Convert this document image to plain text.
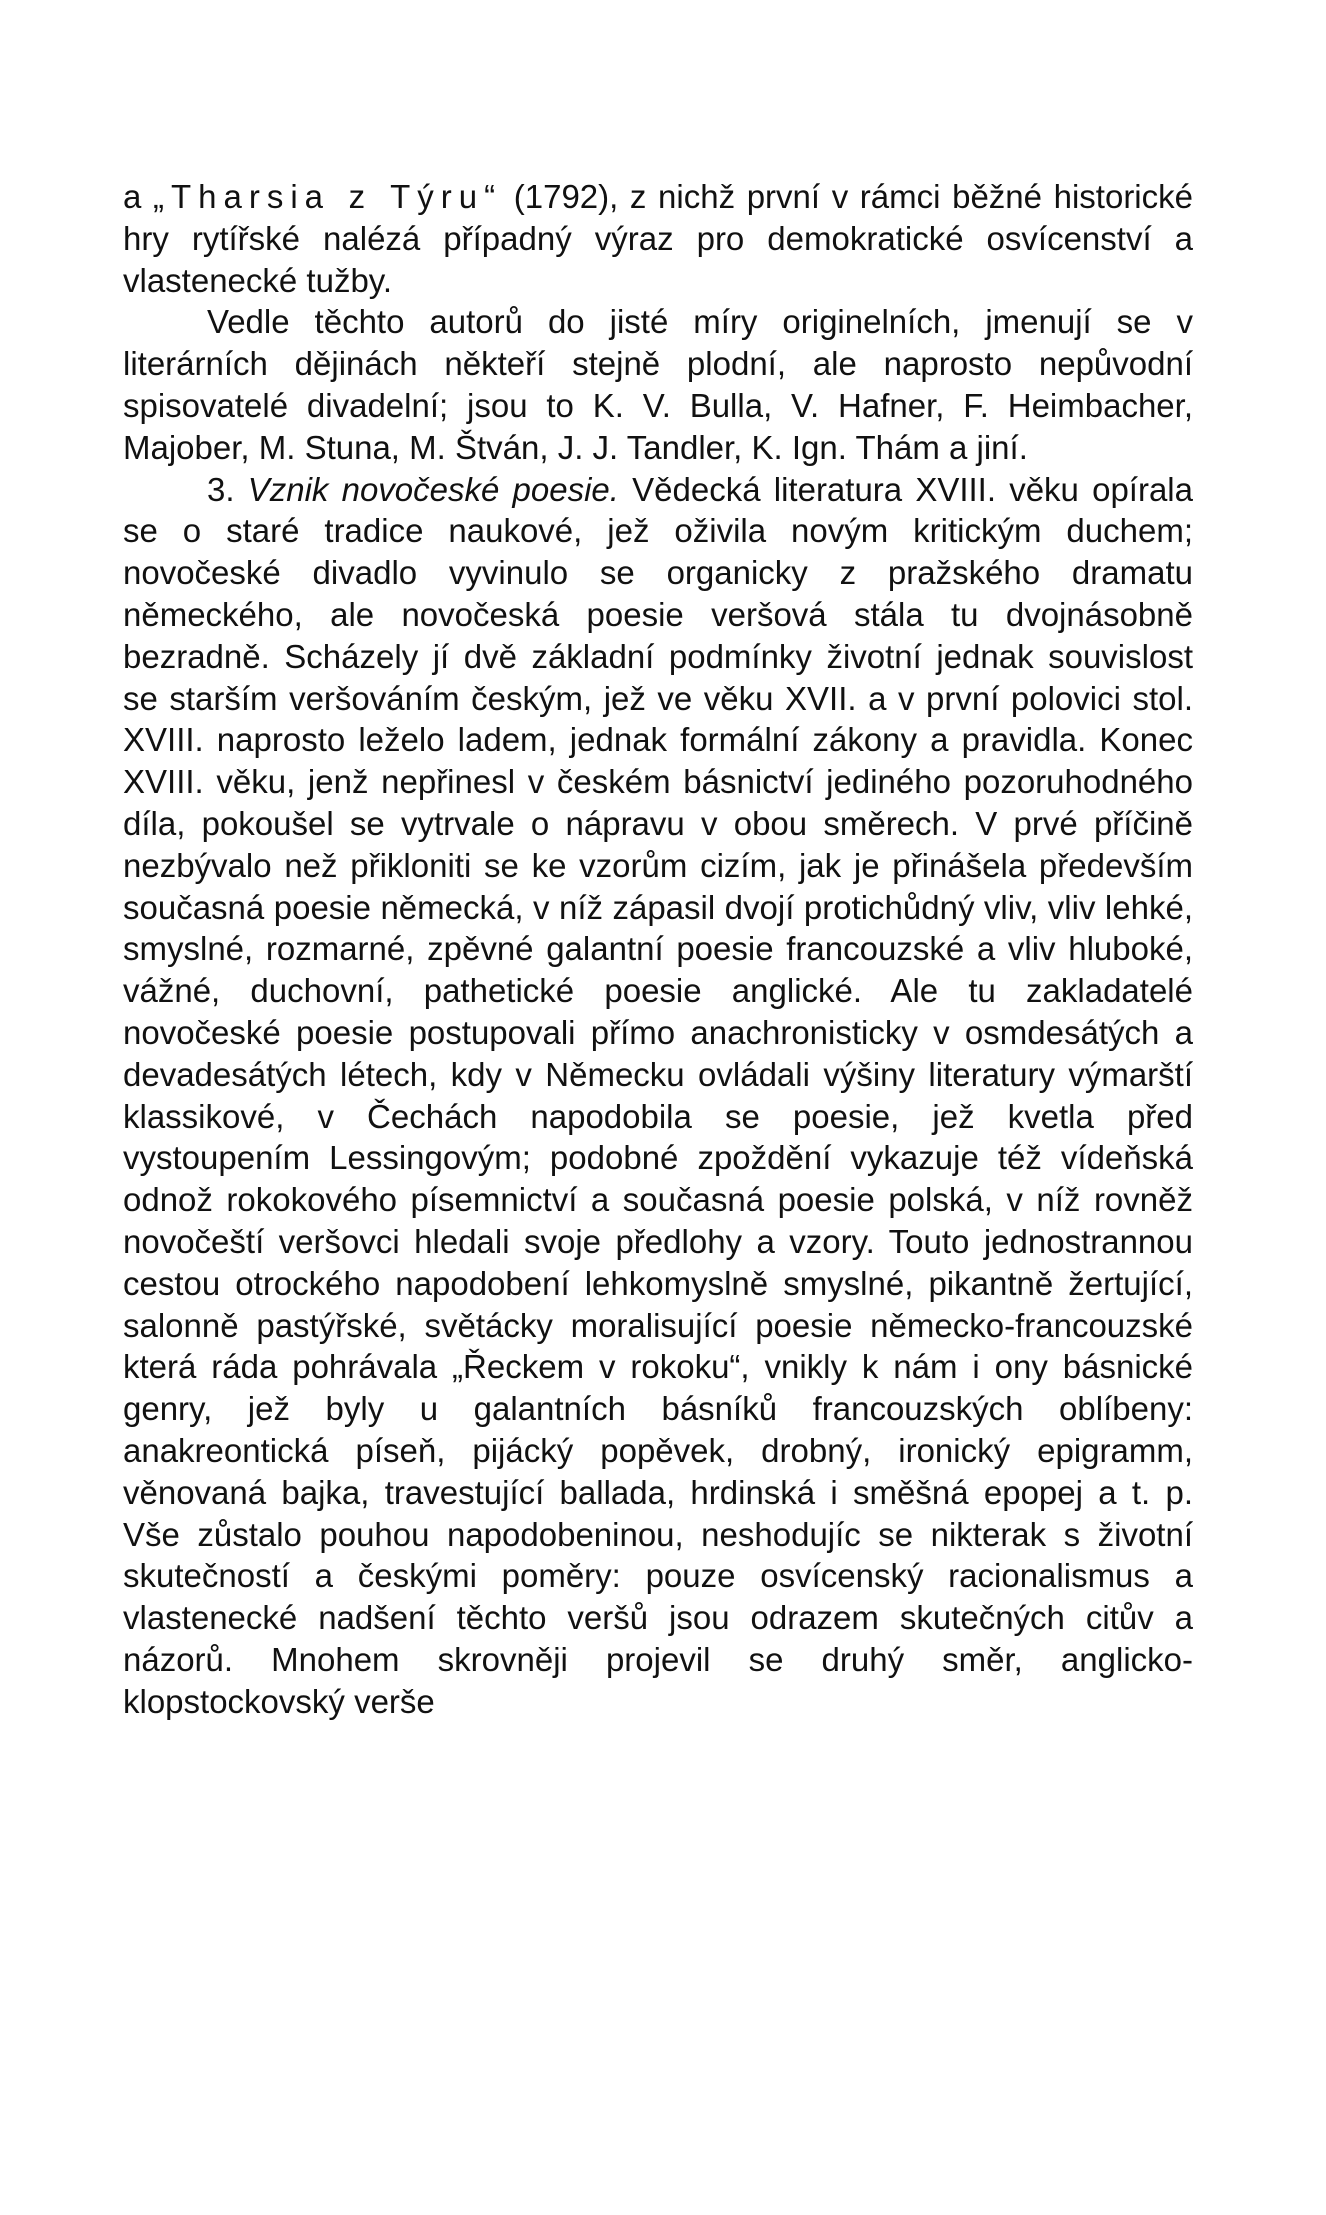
a „Tharsia z Týru“ (1792), z nichž první v rámci běžné historické hry rytířské nalézá případný výraz pro demokratické osvícenství a vlastenecké tužby.

Vedle těchto autorů do jisté míry originelních, jmenují se v literárních dějinách někteří stejně plodní, ale naprosto nepůvodní spisovatelé divadelní; jsou to K. V. Bulla, V. Hafner, F. Heimbacher, Majober, M. Stuna, M. Štván, J. J. Tandler, K. Ign. Thám a jiní.

3. Vznik novočeské poesie. Vědecká literatura XVIII. věku opírala se o staré tradice naukové, jež oživila novým kritickým duchem; novočeské divadlo vyvinulo se organicky z pražského dramatu německého, ale novočeská poesie veršová stála tu dvojnásobně bezradně. Scházely jí dvě základní podmínky životní jednak souvislost se starším veršováním českým, jež ve věku XVII. a v první polovici stol. XVIII. naprosto leželo ladem, jednak formální zákony a pravidla. Konec XVIII. věku, jenž nepřinesl v českém básnictví jediného pozoruhodného díla, pokoušel se vytrvale o nápravu v obou směrech. V prvé příčině nezbývalo než přikloniti se ke vzorům cizím, jak je přinášela především současná poesie německá, v níž zápasil dvojí protichůdný vliv, vliv lehké, smyslné, rozmarné, zpěvné galantní poesie francouzské a vliv hluboké, vážné, duchovní, pathetické poesie anglické. Ale tu zakladatelé novočeské poesie postupovali přímo anachronisticky v osmdesátých a devadesátých létech, kdy v Německu ovládali výšiny literatury výmarští klassikové, v Čechách napodobila se poesie, jež kvetla před vystoupením Lessingovým; podobné zpoždění vykazuje též vídeňská odnož rokokového písemnictví a současná poesie polská, v níž rovněž novočeští veršovci hledali svoje předlohy a vzory. Touto jednostrannou cestou otrockého napodobení lehkomyslně smyslné, pikantně žertující, salonně pastýřské, světácky moralisující poesie německo-francouzské která ráda pohrávala „Řeckem v rokoku“, vnikly k nám i ony básnické genry, jež byly u galantních básníků francouzských oblíbeny: anakreontická píseň, pijácký popěvek, drobný, ironický epigramm, věnovaná bajka, travestující ballada, hrdinská i směšná epopej a t. p. Vše zůstalo pouhou napodobeninou, neshodujíc se nikterak s životní skutečností a českými poměry: pouze osvícenský racionalismus a vlastenecké nadšení těchto veršů jsou odrazem skutečných citův a názorů. Mnohem skrovněji projevil se druhý směr, anglicko-klopstockovský verše
